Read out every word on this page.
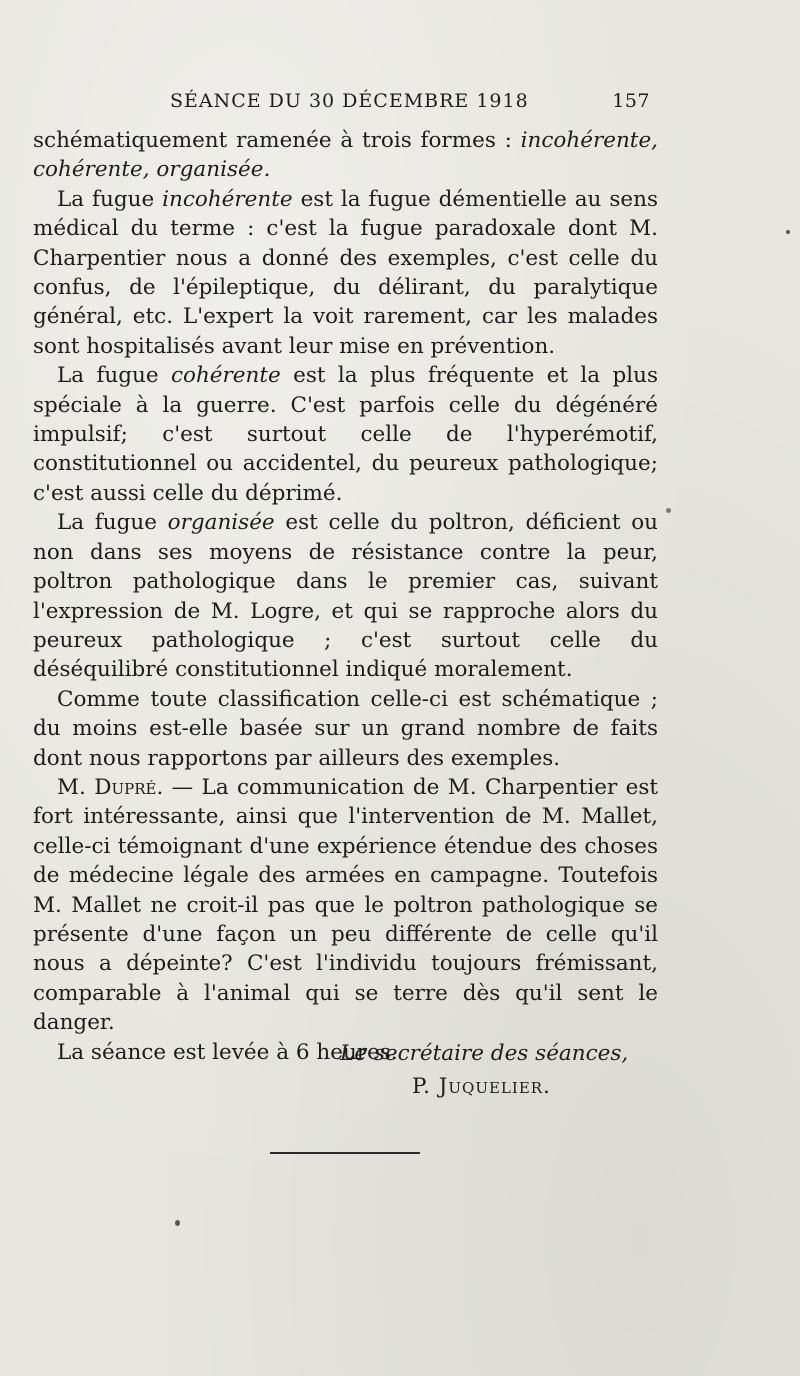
SÉANCE DU 30 DÉCEMBRE 1918	157

schématiquement ramenée à trois formes : incohérente, cohérente, organisée.

La fugue incohérente est la fugue démentielle au sens médical du terme : c'est la fugue paradoxale dont M. Charpentier nous a donné des exemples, c'est celle du confus, de l'épileptique, du délirant, du paralytique général, etc. L'expert la voit rarement, car les malades sont hospitalisés avant leur mise en prévention.

La fugue cohérente est la plus fréquente et la plus spéciale à la guerre. C'est parfois celle du dégénéré impulsif; c'est surtout celle de l'hyperémotif, constitutionnel ou accidentel, du peureux pathologique; c'est aussi celle du déprimé.

La fugue organisée est celle du poltron, déficient ou non dans ses moyens de résistance contre la peur, poltron pathologique dans le premier cas, suivant l'expression de M. Logre, et qui se rapproche alors du peureux pathologique ; c'est surtout celle du déséquilibré constitutionnel indiqué moralement.

Comme toute classification celle-ci est schématique ; du moins est-elle basée sur un grand nombre de faits dont nous rapportons par ailleurs des exemples.

M. Dupré. — La communication de M. Charpentier est fort intéressante, ainsi que l'intervention de M. Mallet, celle-ci témoignant d'une expérience étendue des choses de médecine légale des armées en campagne. Toutefois M. Mallet ne croit-il pas que le poltron pathologique se présente d'une façon un peu différente de celle qu'il nous a dépeinte? C'est l'individu toujours frémissant, comparable à l'animal qui se terre dès qu'il sent le danger.

La séance est levée à 6 heures.

Le secrétaire des séances,
P. Juquelier.
